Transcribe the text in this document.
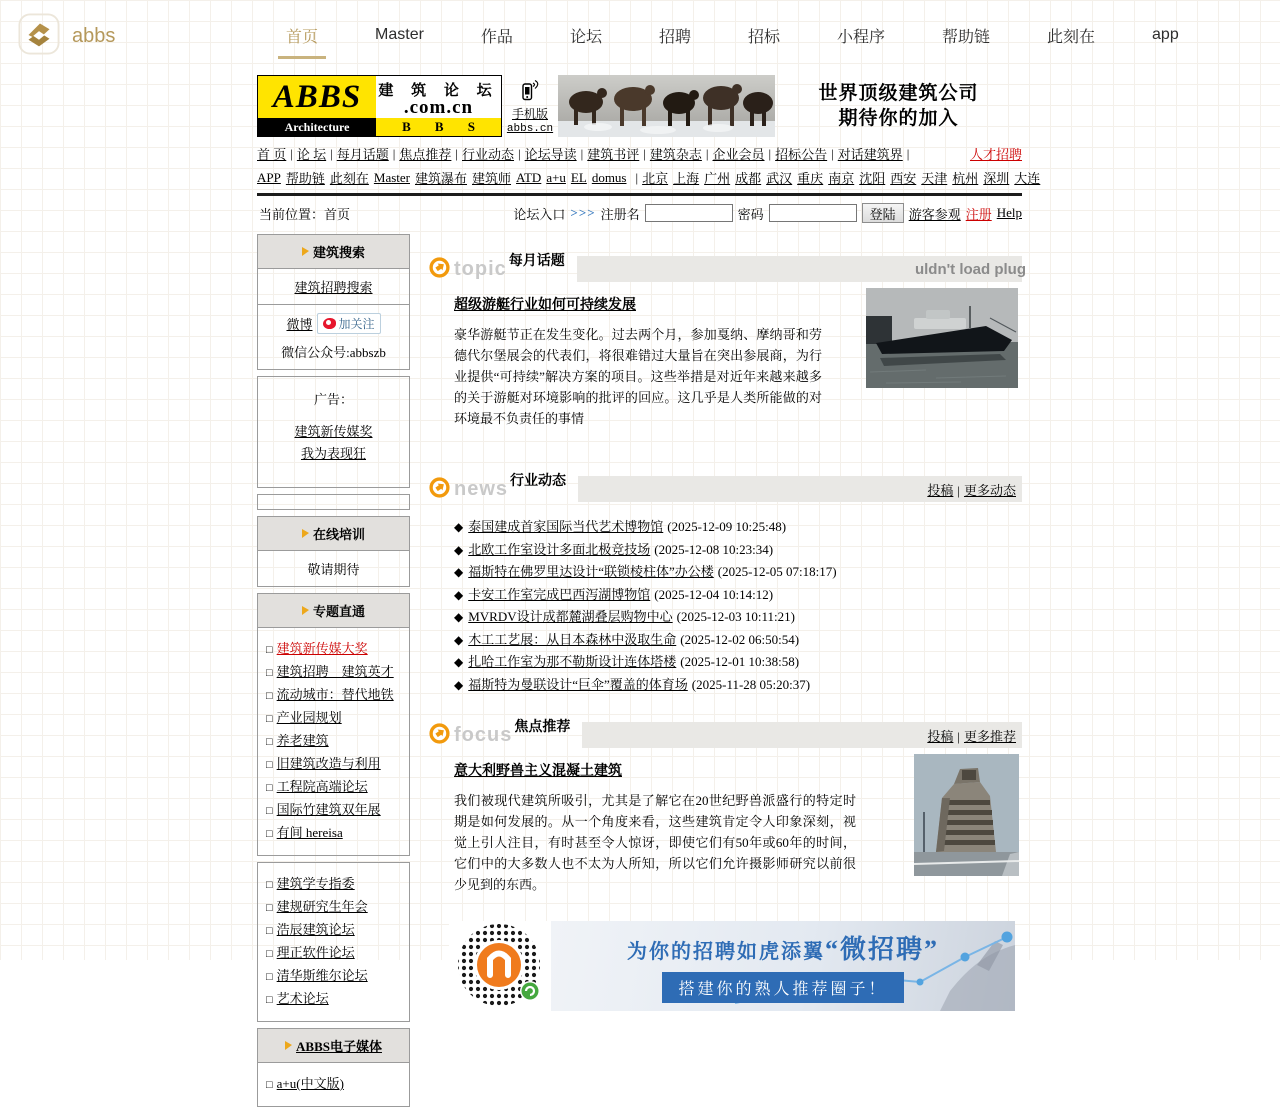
abbs	首页	Master	作品	论坛	招聘	招标	小程序	帮助链	此刻在	app
ABBS	建 筑 论 坛
.com.cn
Architecture	B B S
手机版
abbs.cn
世界顶级建筑公司
期待你的加入
首 页 | 论 坛 | 每月话题 | 焦点推荐 | 行业动态 | 论坛导读 | 建筑书评 | 建筑杂志 | 企业会员 | 招标公告 | 对话建筑界 |	人才招聘
APP 帮助链 此刻在 Master 建筑瀑布 建筑师 ATD a+u EL domus | 北京 上海 广州 成都 武汉 重庆 南京 沈阳 西安 天津 杭州 深圳 大连
当前位置：首页	论坛入口 >>> 注册名	密码	登陆	游客参观 注册 Help
建筑搜索
建筑招聘搜索
微博 加关注
微信公众号:abbszb
广告：
建筑新传媒奖
我为表现狂
在线培训
敬请期待
专题直通
□ 建筑新传媒大奖
□ 建筑招聘　建筑英才
□ 流动城市：替代地铁
□ 产业园规划
□ 养老建筑
□ 旧建筑改造与利用
□ 工程院高端论坛
□ 国际竹建筑双年展
□ 有间 hereisa
□ 建筑学专指委
□ 建规研究生年会
□ 浩辰建筑论坛
□ 理正软件论坛
□ 清华斯维尔论坛
□ 艺术论坛
ABBS电子媒体
□ a+u(中文版)
topic 每月话题
uldn't load plug
超级游艇行业如何可持续发展
豪华游艇节正在发生变化。过去两个月，参加戛纳、摩纳哥和劳德代尔堡展会的代表们，将很难错过大量旨在突出参展商，为行业提供“可持续”解决方案的项目。这些举措是对近年来越来越多的关于游艇对环境影响的批评的回应。这几乎是人类所能做的对环境最不负责任的事情
news 行业动态
投稿 | 更多动态
◆ 泰国建成首家国际当代艺术博物馆 (2025-12-09 10:25:48)
◆ 北欧工作室设计多面北极竞技场 (2025-12-08 10:23:34)
◆ 福斯特在佛罗里达设计“联锁棱柱体”办公楼 (2025-12-05 07:18:17)
◆ 卡安工作室完成巴西泻湖博物馆 (2025-12-04 10:14:12)
◆ MVRDV设计成都麓湖叠层购物中心 (2025-12-03 10:11:21)
◆ 木工工艺展：从日本森林中汲取生命 (2025-12-02 06:50:54)
◆ 扎哈工作室为那不勒斯设计连体塔楼 (2025-12-01 10:38:58)
◆ 福斯特为曼联设计“巨伞”覆盖的体育场 (2025-11-28 05:20:37)
focus 焦点推荐
投稿 | 更多推荐
意大利野兽主义混凝土建筑
我们被现代建筑所吸引，尤其是了解它在20世纪野兽派盛行的特定时期是如何发展的。从一个角度来看，这些建筑肯定令人印象深刻，视觉上引人注目，有时甚至令人惊讶，即使它们有50年或60年的时间，它们中的大多数人也不太为人所知，所以它们允许摄影师研究以前很少见到的东西。
为你的招聘如虎添翼“微招聘”
搭建你的熟人推荐圈子！
